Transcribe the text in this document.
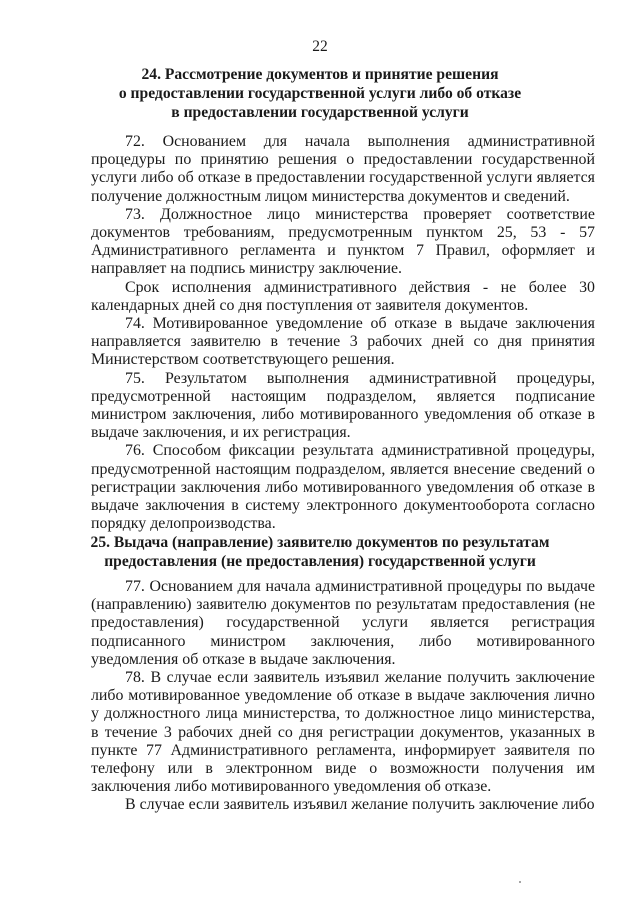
22
24. Рассмотрение документов и принятие решения
о предоставлении государственной услуги либо об отказе
в предоставлении государственной услуги

72. Основанием для начала выполнения административной процедуры по принятию решения о предоставлении государственной услуги либо об отказе в предоставлении государственной услуги является получение должностным лицом министерства документов и сведений.

73. Должностное лицо министерства проверяет соответствие документов требованиям, предусмотренным пунктом 25, 53 - 57 Административного регламента и пунктом 7 Правил, оформляет и направляет на подпись министру заключение.

Срок исполнения административного действия - не более 30 календарных дней со дня поступления от заявителя документов.

74. Мотивированное уведомление об отказе в выдаче заключения направляется заявителю в течение 3 рабочих дней со дня принятия Министерством соответствующего решения.

75. Результатом выполнения административной процедуры, предусмотренной настоящим подразделом, является подписание министром заключения, либо мотивированного уведомления об отказе в выдаче заключения, и их регистрация.

76. Способом фиксации результата административной процедуры, предусмотренной настоящим подразделом, является внесение сведений о регистрации заключения либо мотивированного уведомления об отказе в выдаче заключения в систему электронного документооборота согласно порядку делопроизводства.

25. Выдача (направление) заявителю документов по результатам
предоставления (не предоставления) государственной услуги

77. Основанием для начала административной процедуры по выдаче (направлению) заявителю документов по результатам предоставления (не предоставления) государственной услуги является регистрация подписанного министром заключения, либо мотивированного уведомления об отказе в выдаче заключения.

78. В случае если заявитель изъявил желание получить заключение либо мотивированное уведомление об отказе в выдаче заключения лично у должностного лица министерства, то должностное лицо министерства, в течение 3 рабочих дней со дня регистрации документов, указанных в пункте 77 Административного регламента, информирует заявителя по телефону или в электронном виде о возможности получения им заключения либо мотивированного уведомления об отказе.

В случае если заявитель изъявил желание получить заключение либо
